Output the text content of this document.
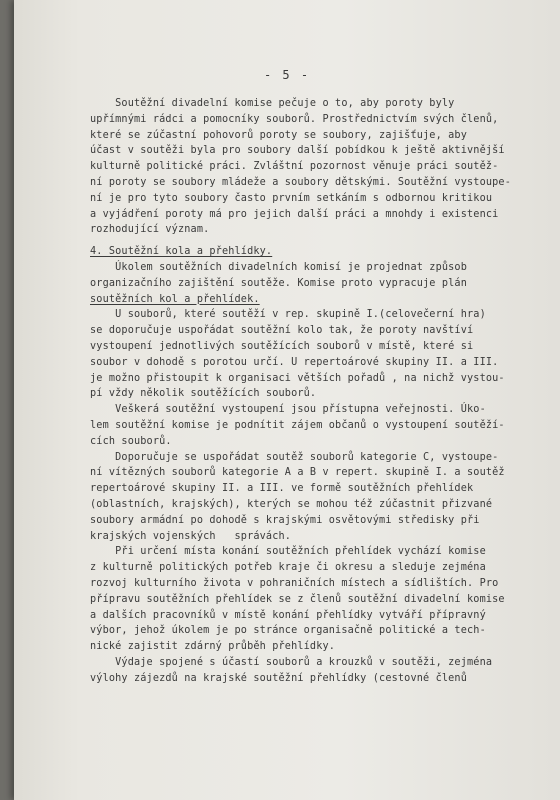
- 5 -
Soutěžní divadelní komise pečuje o to, aby poroty byly
upřímnými rádci a pomocníky souborů. Prostřednictvím svých členů,
které se zúčastní pohovorů poroty se soubory, zajišťuje, aby
účast v soutěži byla pro soubory další pobídkou k ještě aktivnější
kulturně politické práci. Zvláštní pozornost věnuje práci soutěž-
ní poroty se soubory mládeže a soubory dětskými. Soutěžní vystoupe-
ní je pro tyto soubory často prvním setkáním s odbornou kritikou
a vyjádření poroty má pro jejich další práci a mnohdy i existenci
rozhodující význam.
4. Soutěžní kola a přehlídky.
Úkolem soutěžních divadelních komisí je projednat způsob
organizačního zajištění soutěže. Komise proto vypracuje plán
soutěžních kol a přehlídek.
U souborů, které soutěží v rep. skupině I.(celovečerní hra)
se doporučuje uspořádat soutěžní kolo tak, že poroty navštíví
vystoupení jednotlivých soutěžících souborů v místě, které si
soubor v dohodě s porotou určí. U repertoárové skupiny II. a III.
je možno přistoupit k organisaci větších pořadů , na nichž vystou-
pí vždy několik soutěžících souborů.
Veškerá soutěžní vystoupení jsou přístupna veřejnosti. Úko-
lem soutěžní komise je podnítit zájem občanů o vystoupení soutěží-
cích souborů.
Doporučuje se uspořádat soutěž souborů kategorie C, vystoupe-
ní vítězných souborů kategorie A a B v repert. skupině I. a soutěž
repertoárové skupiny II. a III. ve formě soutěžních přehlídek
(oblastních, krajských), kterých se mohou též zúčastnit přizvané
soubory armádní po dohodě s krajskými osvětovými středisky při
krajských vojenských   správách.
Při určení místa konání soutěžních přehlídek vychází komise
z kulturně politických potřeb kraje či okresu a sleduje zejména
rozvoj kulturního života v pohraničních místech a sídlištích. Pro
přípravu soutěžních přehlídek se z členů soutěžní divadelní komise
a dalších pracovníků v místě konání přehlídky vytváří přípravný
výbor, jehož úkolem je po stránce organisačně politické a tech-
nické zajistit zdárný průběh přehlídky.
Výdaje spojené s účastí souborů a krouzků v soutěži, zejména
výlohy zájezdů na krajské soutěžní přehlídky (cestovné členů
